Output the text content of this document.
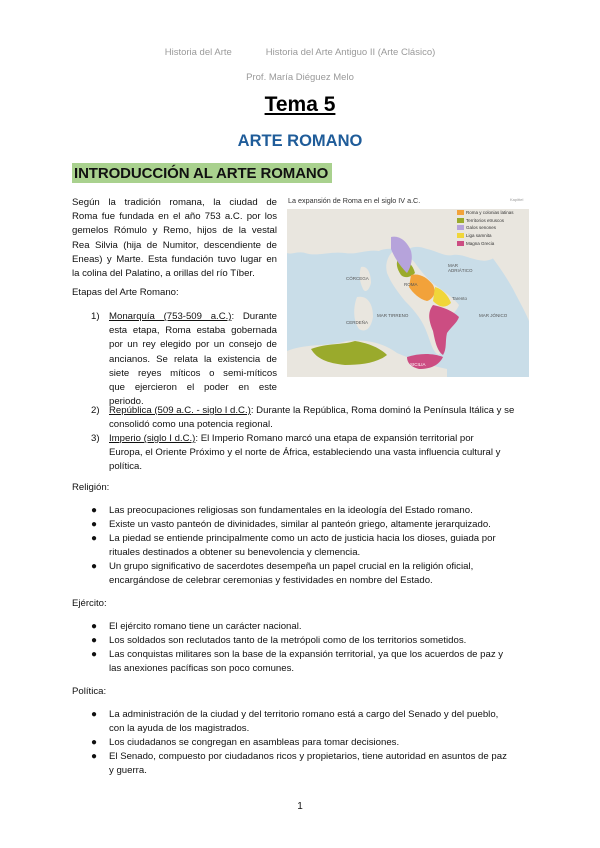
Historia del Arte	Historia del Arte Antiguo II (Arte Clásico)
Prof. María Diéguez Melo
Tema 5
ARTE ROMANO
INTRODUCCIÓN AL ARTE ROMANO
Según la tradición romana, la ciudad de
Roma fue fundada en el año 753 a.C. por los
gemelos Rómulo y Remo, hijos de la vestal
Rea Silvia (hija de Numitor, descendiente de
Eneas) y Marte. Esta fundación tuvo lugar en
la colina del Palatino, a orillas del río Tíber.
Etapas del Arte Romano:
1) Monarquía (753-509 a.C.): Durante
esta etapa, Roma estaba gobernada
por un rey elegido por un consejo de
ancianos. Se relata la existencia de
siete reyes míticos o semi-míticos
que ejercieron el poder en este
periodo.
2) República (509 a.C. - siglo I d.C.): Durante la República, Roma dominó la Península Itálica y se
consolidó como una potencia regional.
3) Imperio (siglo I d.C.): El Imperio Romano marcó una etapa de expansión territorial por
Europa, el Oriente Próximo y el norte de África, estableciendo una vasta influencia cultural y
política.
Religión:
● Las preocupaciones religiosas son fundamentales en la ideología del Estado romano.
● Existe un vasto panteón de divinidades, similar al panteón griego, altamente jerarquizado.
● La piedad se entiende principalmente como un acto de justicia hacia los dioses, guiada por
rituales destinados a obtener su benevolencia y clemencia.
● Un grupo significativo de sacerdotes desempeña un papel crucial en la religión oficial,
encargándose de celebrar ceremonias y festividades en nombre del Estado.
Ejército:
● El ejército romano tiene un carácter nacional.
● Los soldados son reclutados tanto de la metrópoli como de los territorios sometidos.
● Las conquistas militares son la base de la expansión territorial, ya que los acuerdos de paz y
las anexiones pacíficas son poco comunes.
Política:
● La administración de la ciudad y del territorio romano está a cargo del Senado y del pueblo,
con la ayuda de los magistrados.
● Los ciudadanos se congregan en asambleas para tomar decisiones.
● El Senado, compuesto por ciudadanos ricos y propietarios, tiene autoridad en asuntos de paz
y guerra.
La expansión de Roma en el siglo IV a.C.	Kapittel
Roma y colonias latinas
Territorios etruscos
Galos senones
Liga samnita
Magna Grecia
MAR ADRIÁTICO
ROMA
MAR TIRRENO	MAR JÓNICO
Tarento
SICILIA
CERDEÑA
CÓRCEGA
1
